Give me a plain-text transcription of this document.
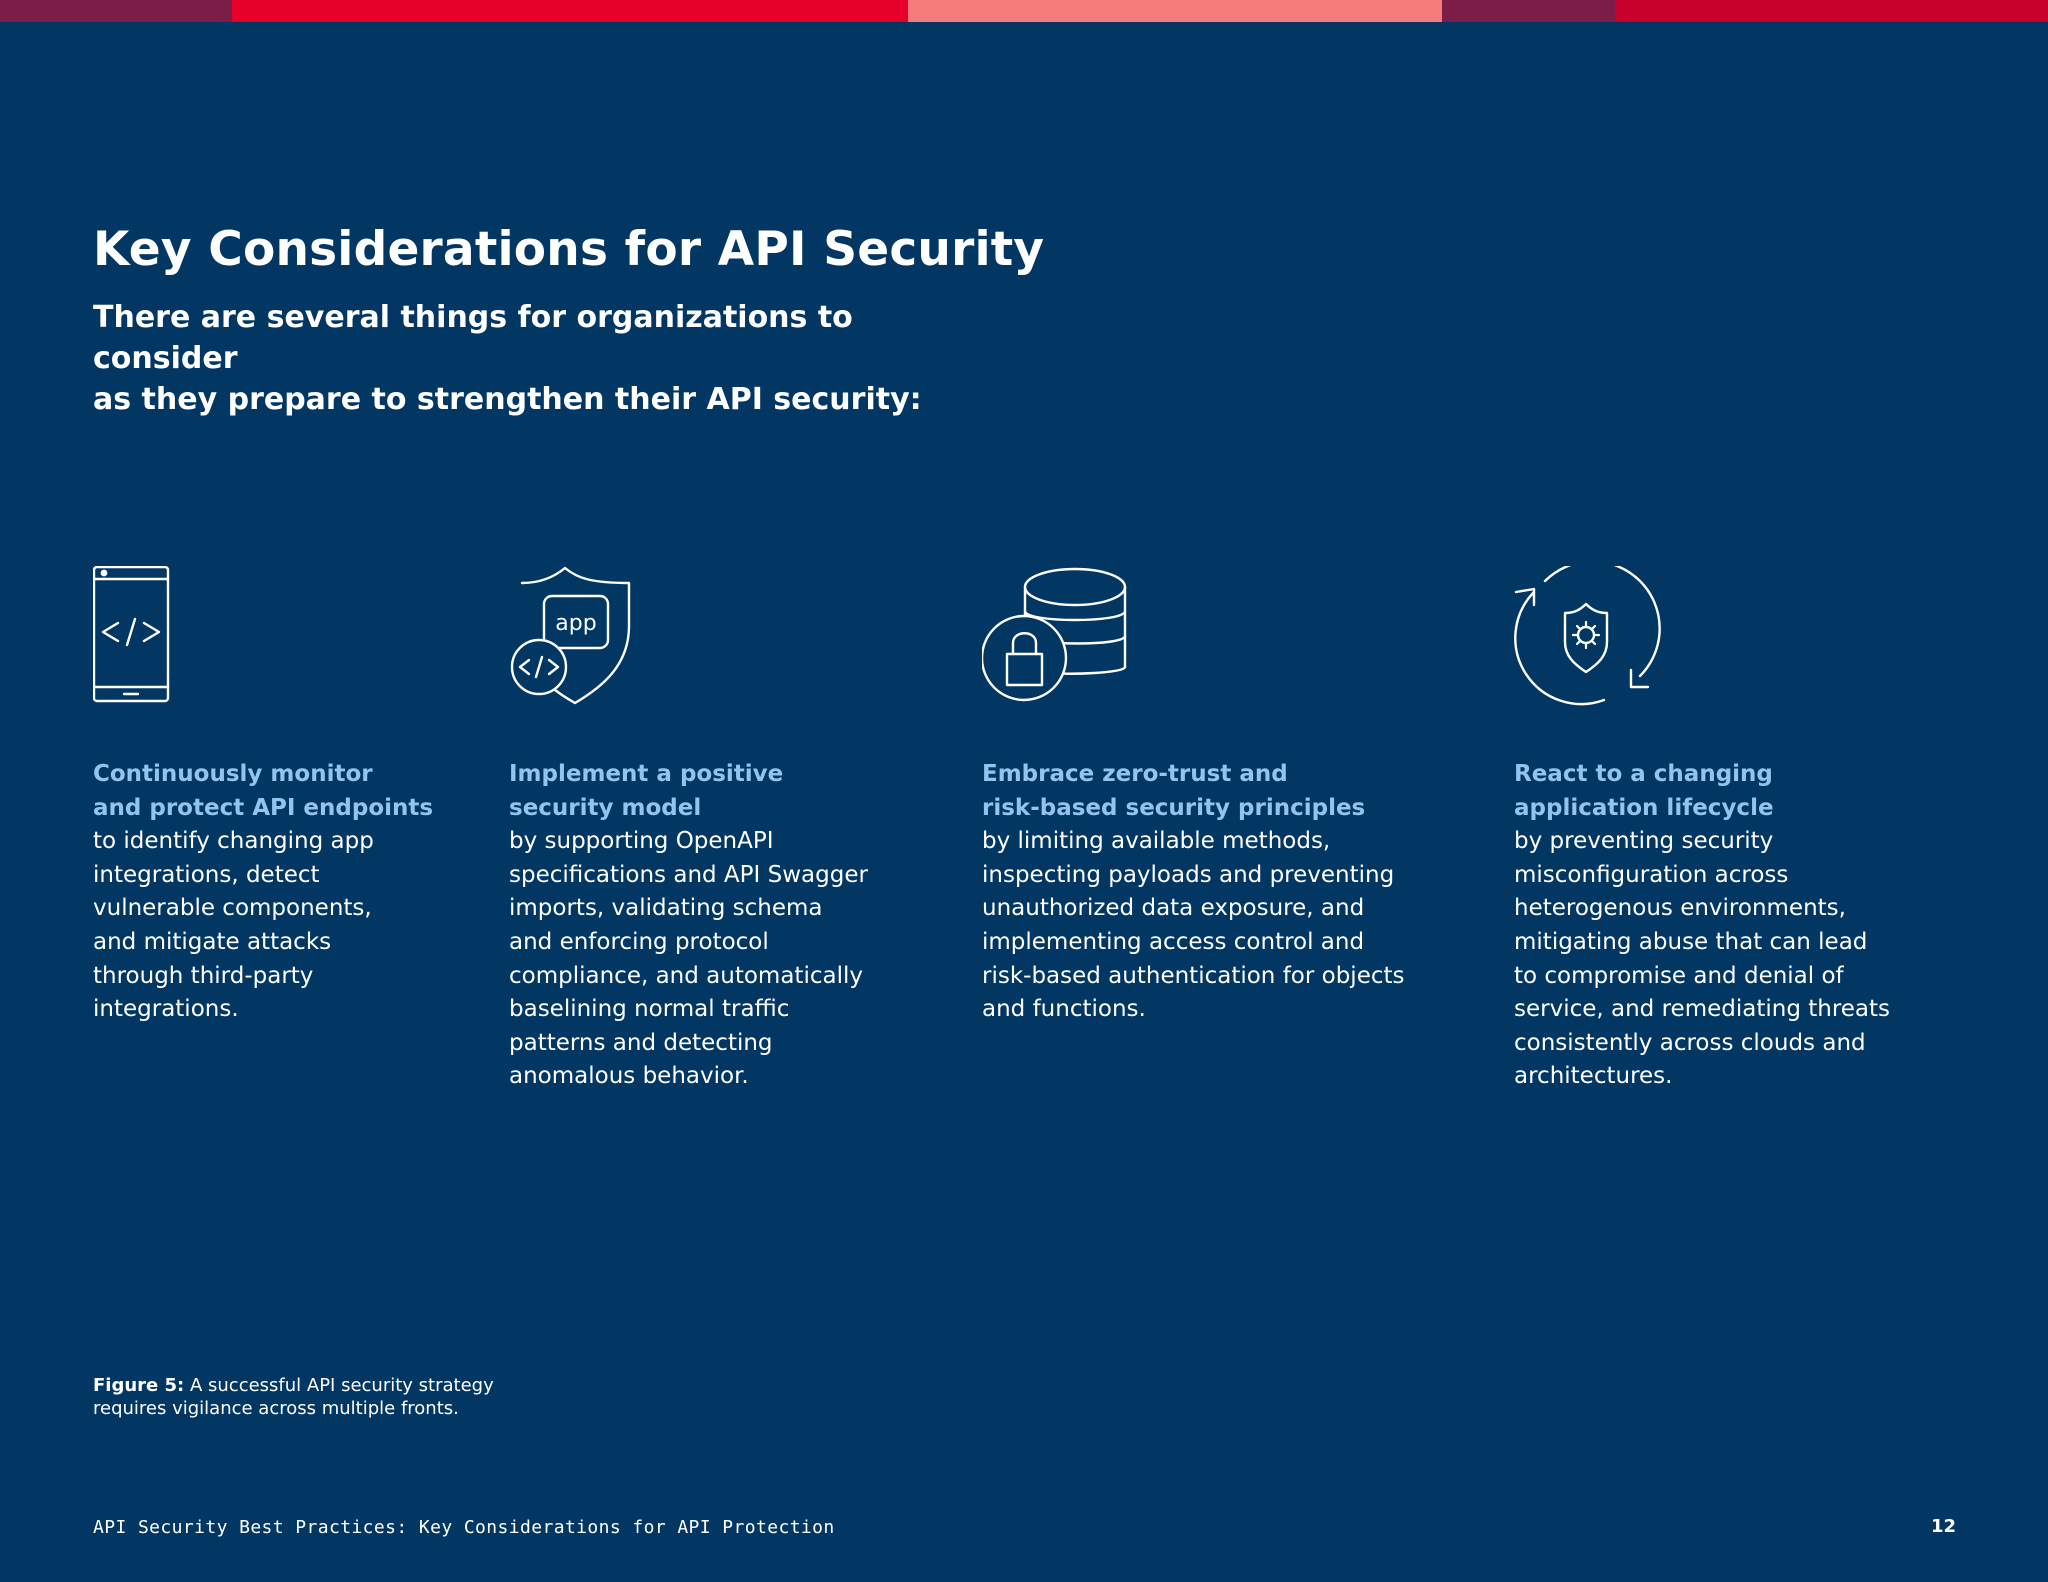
Key Considerations for API Security

There are several things for organizations to consider
as they prepare to strengthen their API security:

Continuously monitor
and protect API endpoints
to identify changing app
integrations, detect
vulnerable components,
and mitigate attacks
through third-party
integrations.
app
Implement a positive
security model
by supporting OpenAPI
specifications and API Swagger
imports, validating schema
and enforcing protocol
compliance, and automatically
baselining normal traffic
patterns and detecting
anomalous behavior.
Embrace zero-trust and
risk-based security principles
by limiting available methods,
inspecting payloads and preventing
unauthorized data exposure, and
implementing access control and
risk-based authentication for objects
and functions.
React to a changing
application lifecycle
by preventing security
misconfiguration across
heterogenous environments,
mitigating abuse that can lead
to compromise and denial of
service, and remediating threats
consistently across clouds and
architectures.
Figure 5: A successful API security strategy
requires vigilance across multiple fronts.
API Security Best Practices: Key Considerations for API Protection	12
